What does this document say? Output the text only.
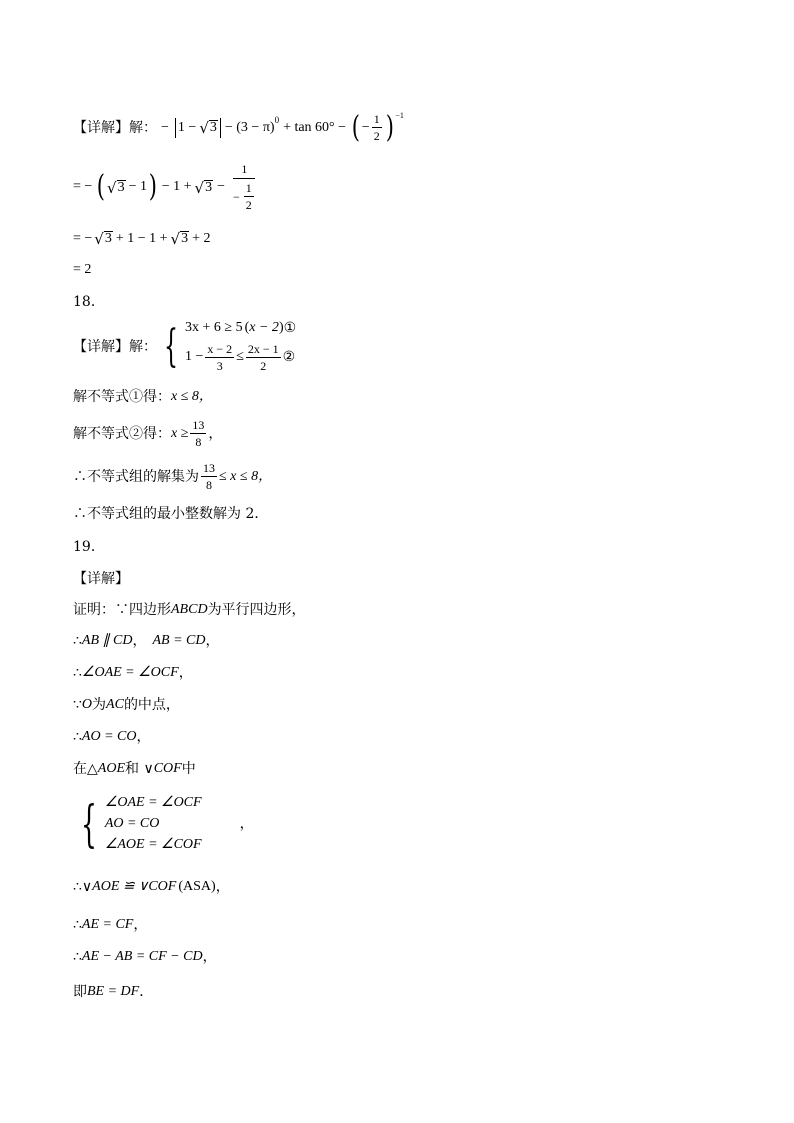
【详解】 解： − 1 − √ $3 - (3 - \pi)^0 + \tan 60^\circ$ − ( − $\frac{1}{2} )^{-1}$
= − ( √ 3 − 1 ) − 1 + √ $3 - \frac{1}{- \frac{1}{2}}$
= − √ 3 + 1 − 1 + √ 3 + 2
= 2
18．
【详解】 解： { 3x + 6 ≥ 5 ( x − 2 ) ①
$1 - \frac{x - 2}{3} \le \frac{2x - 1}{2}$ ②
解不等式①得： x ≤ 8，
解不等式②得： $x \ge \frac{13}{8}$ ，
∴不等式组的解集为 $\frac{13}{8} \le x \le 8$，
∴不等式组的最小整数解为 2．
19．
【详解】
证明：∵四边形 ABCD 为平行四边形，
∴ AB ∥ CD ， AB = CD ，
∴ ∠OAE = ∠OCF ，
∵ O 为 AC 的中点，
∴ AO = CO ，
在△ AOE 和 ∨ COF 中
{ ∠OAE = ∠OCF
AO = CO
∠AOE = ∠COF
，
∴∨ AOE ≌ ∨COF (ASA) ，
∴ AE = CF ，
∴ AE − AB = CF − CD ，
即 BE = DF ．
